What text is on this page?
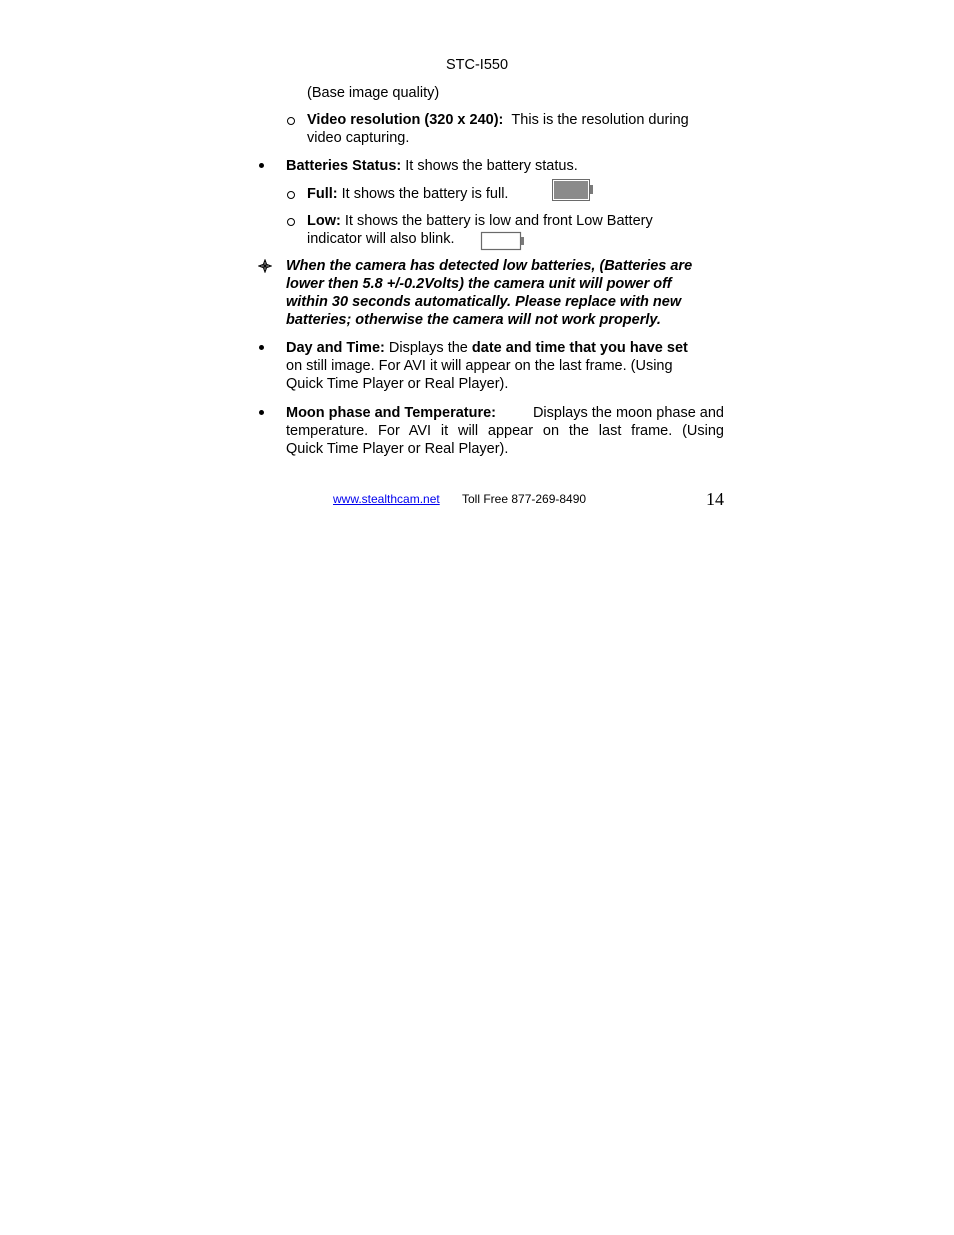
STC-I550
(Base image quality)
Video resolution (320 x 240): This is the resolution during
video capturing.
Batteries Status: It shows the battery status.
Full: It shows the battery is full.
Low: It shows the battery is low and front Low Battery
indicator will also blink.
When the camera has detected low batteries, (Batteries are
lower then 5.8 +/-0.2Volts) the camera unit will power off
within 30 seconds automatically. Please replace with new
batteries; otherwise the camera will not work properly.
Day and Time: Displays the date and time that you have set
on still image. For AVI it will appear on the last frame. (Using
Quick Time Player or Real Player).
Moon phase and Temperature:	Displays the moon phase and
temperature. For AVI it will appear on the last frame. (Using
Quick Time Player or Real Player).
www.stealthcam.net Toll Free 877-269-8490	14
